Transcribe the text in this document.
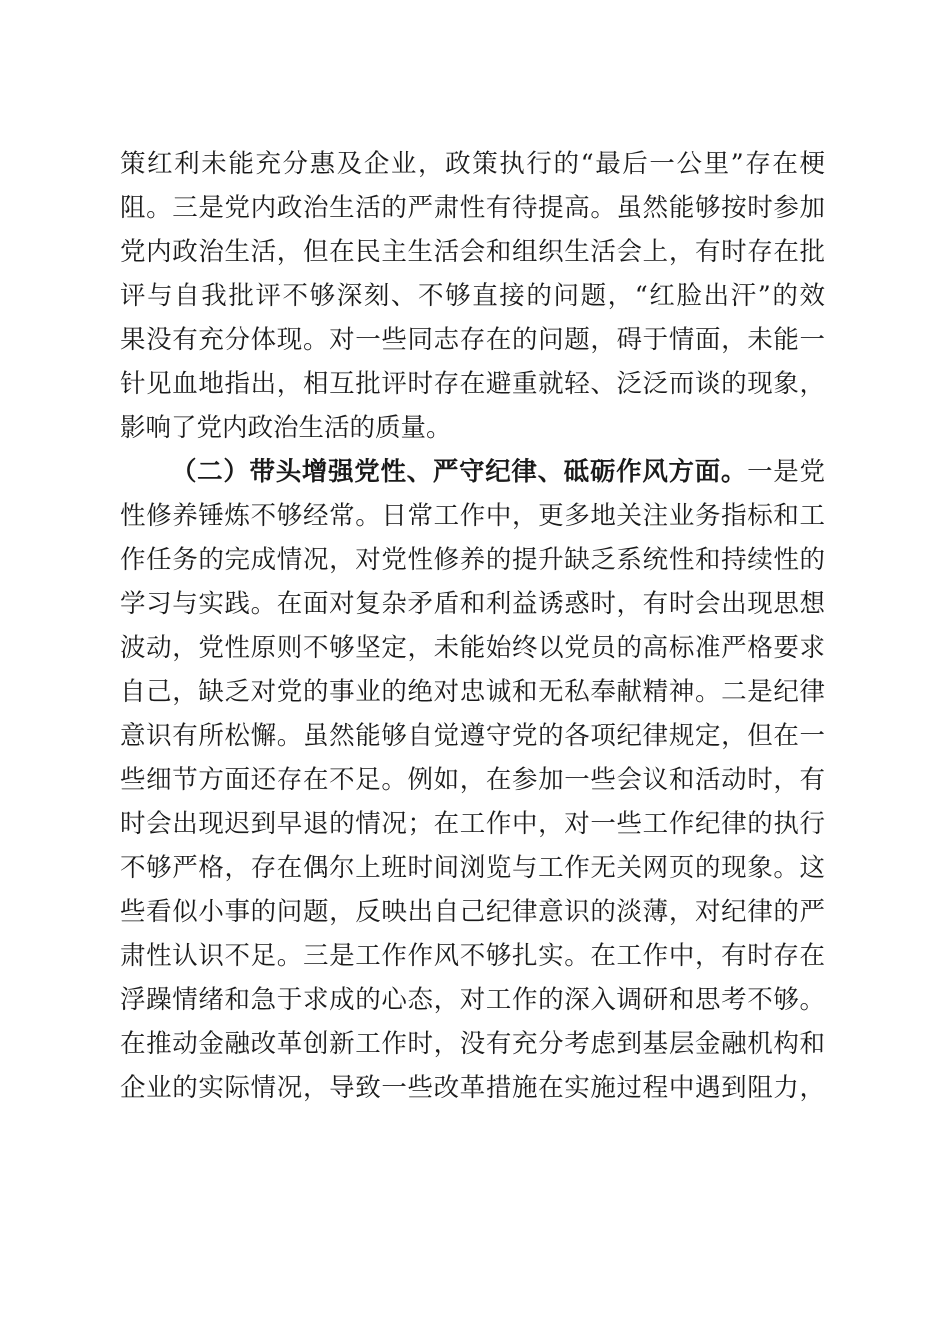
策红利未能充分惠及企业，政策执行的“最后一公里”存在梗
阻。三是党内政治生活的严肃性有待提高。虽然能够按时参加
党内政治生活，但在民主生活会和组织生活会上，有时存在批
评与自我批评不够深刻、不够直接的问题，“红脸出汗”的效
果没有充分体现。对一些同志存在的问题，碍于情面，未能一
针见血地指出，相互批评时存在避重就轻、泛泛而谈的现象，
影响了党内政治生活的质量。
（二）带头增强党性、严守纪律、砥砺作风方面。一是党
性修养锤炼不够经常。日常工作中，更多地关注业务指标和工
作任务的完成情况，对党性修养的提升缺乏系统性和持续性的
学习与实践。在面对复杂矛盾和利益诱惑时，有时会出现思想
波动，党性原则不够坚定，未能始终以党员的高标准严格要求
自己，缺乏对党的事业的绝对忠诚和无私奉献精神。二是纪律
意识有所松懈。虽然能够自觉遵守党的各项纪律规定，但在一
些细节方面还存在不足。例如，在参加一些会议和活动时，有
时会出现迟到早退的情况；在工作中，对一些工作纪律的执行
不够严格，存在偶尔上班时间浏览与工作无关网页的现象。这
些看似小事的问题，反映出自己纪律意识的淡薄，对纪律的严
肃性认识不足。三是工作作风不够扎实。在工作中，有时存在
浮躁情绪和急于求成的心态，对工作的深入调研和思考不够。
在推动金融改革创新工作时，没有充分考虑到基层金融机构和
企业的实际情况，导致一些改革措施在实施过程中遇到阻力，
